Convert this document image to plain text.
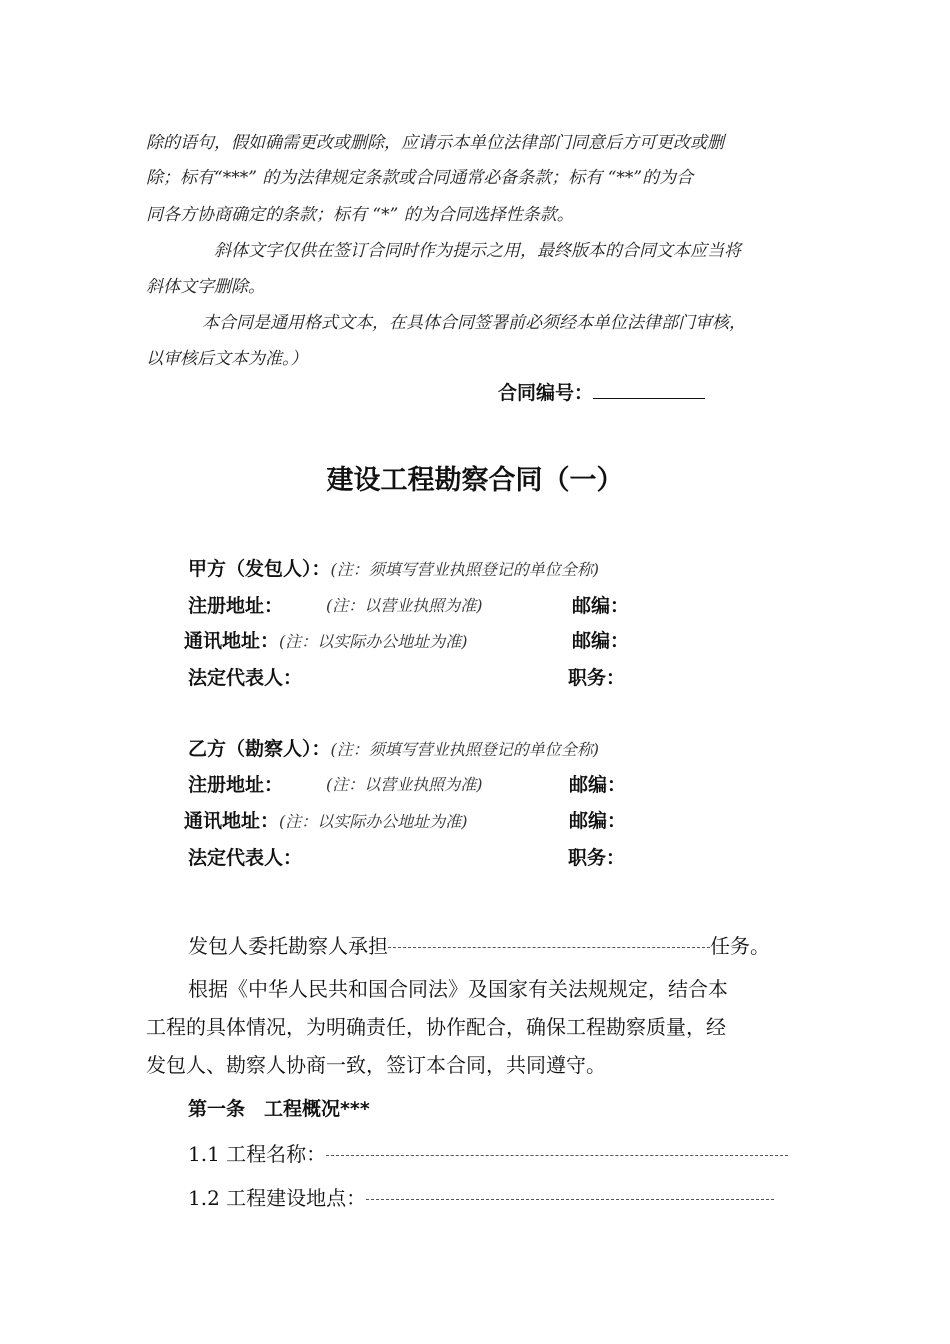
除的语句，假如确需更改或删除，应请示本单位法律部门同意后方可更改或删
除；标有“***” 的为法律规定条款或合同通常必备条款；标有 “**”的为合
同各方协商确定的条款；标有 “*” 的为合同选择性条款。
斜体文字仅供在签订合同时作为提示之用，最终版本的合同文本应当将
斜体文字删除。
本合同是通用格式文本，在具体合同签署前必须经本单位法律部门审核，
以审核后文本为准。）
合同编号：
建设工程勘察合同（一）
甲方（发包人）：(注：须填写营业执照登记的单位全称)
注册地址：	(注：以营业执照为准)	邮编：
通讯地址：(注：以实际办公地址为准)	邮编：
法定代表人：	职务：
乙方（勘察人）：(注：须填写营业执照登记的单位全称)
注册地址：	(注：以营业执照为准)	邮编：
通讯地址：(注：以实际办公地址为准)	邮编：
法定代表人：	职务：
发包人委托勘察人承担	任务。
根据《中华人民共和国合同法》及国家有关法规规定，结合本
工程的具体情况，为明确责任，协作配合，确保工程勘察质量，经
发包人、勘察人协商一致，签订本合同，共同遵守。
第一条　工程概况***
1.1 工程名称：
1.2 工程建设地点：
